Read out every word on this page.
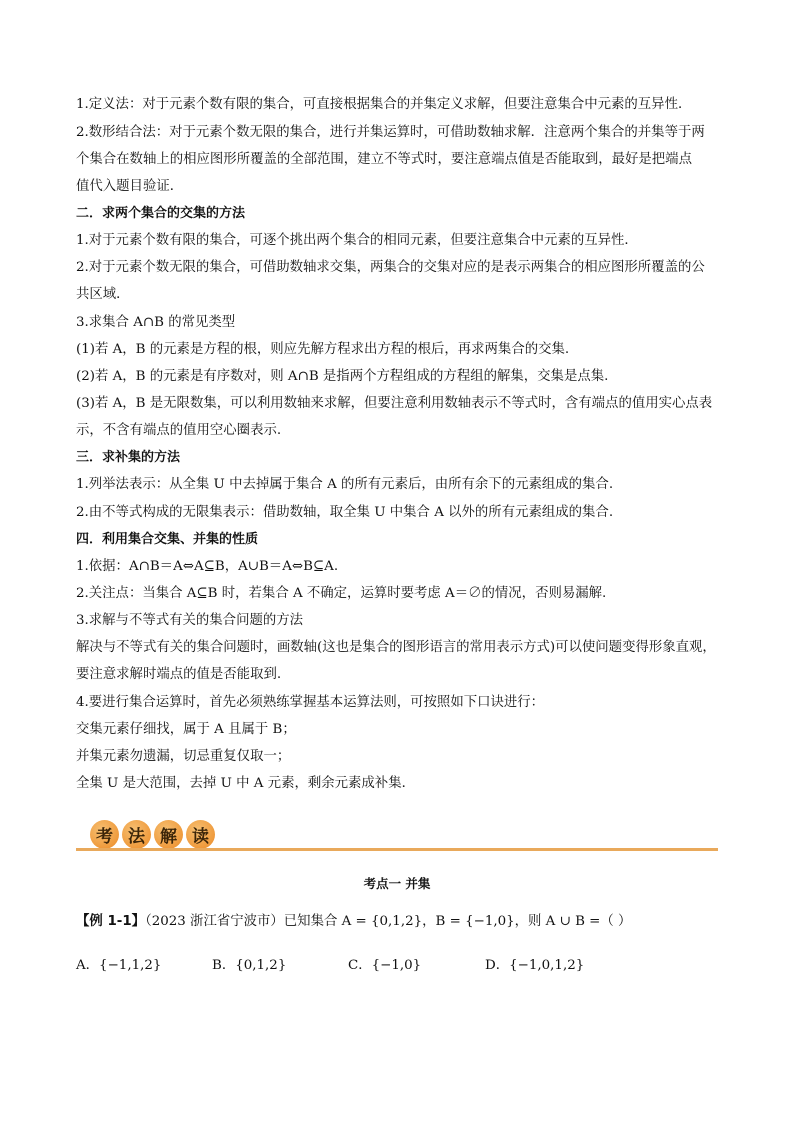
1.定义法：对于元素个数有限的集合，可直接根据集合的并集定义求解，但要注意集合中元素的互异性．
2.数形结合法：对于元素个数无限的集合，进行并集运算时，可借助数轴求解．注意两个集合的并集等于两
个集合在数轴上的相应图形所覆盖的全部范围，建立不等式时，要注意端点值是否能取到，最好是把端点
值代入题目验证．
二．求两个集合的交集的方法
1.对于元素个数有限的集合，可逐个挑出两个集合的相同元素，但要注意集合中元素的互异性．
2.对于元素个数无限的集合，可借助数轴求交集，两集合的交集对应的是表示两集合的相应图形所覆盖的公
共区域．
3.求集合 A∩B 的常见类型
(1)若 A，B 的元素是方程的根，则应先解方程求出方程的根后，再求两集合的交集.
(2)若 A，B 的元素是有序数对，则 A∩B 是指两个方程组成的方程组的解集，交集是点集.
(3)若 A，B 是无限数集，可以利用数轴来求解，但要注意利用数轴表示不等式时，含有端点的值用实心点表
示，不含有端点的值用空心圈表示.
三．求补集的方法
1.列举法表示：从全集 U 中去掉属于集合 A 的所有元素后，由所有余下的元素组成的集合.
2.由不等式构成的无限集表示：借助数轴，取全集 U 中集合 A 以外的所有元素组成的集合.
四．利用集合交集、并集的性质
1.依据：A∩B＝A⇔A⊆B，A∪B＝A⇔B⊆A.
2.关注点：当集合 A⊆B 时，若集合 A 不确定，运算时要考虑 A＝∅的情况，否则易漏解.
3.求解与不等式有关的集合问题的方法
解决与不等式有关的集合问题时，画数轴(这也是集合的图形语言的常用表示方式)可以使问题变得形象直观，
要注意求解时端点的值是否能取到.
4.要进行集合运算时，首先必须熟练掌握基本运算法则，可按照如下口诀进行：
交集元素仔细找，属于 A 且属于 B；
并集元素勿遗漏，切忌重复仅取一；
全集 U 是大范围，去掉 U 中 A 元素，剩余元素成补集．
考 法 解 读
考点一 并集
【例 1-1】（2023 浙江省宁波市）已知集合 A = {0,1,2}，B = {−1,0}，则 A ∪ B =（ ）
A．{−1,1,2}	B．{0,1,2}	C．{−1,0}	D．{−1,0,1,2}
